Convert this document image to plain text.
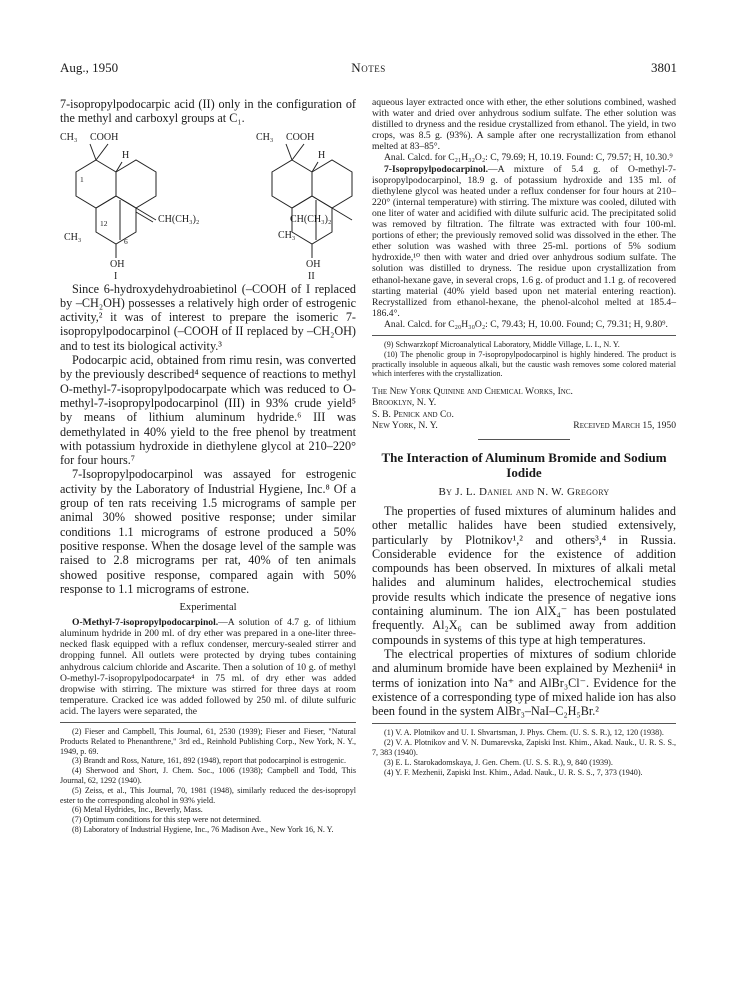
Aug., 1950	Notes	3801

7-isopropylpodocarpic acid (II) only in the configuration of the methyl and carboxyl groups at C₁.

CH₃ COOH
H
1
12
CH₃	6
CH(CH₃)₂
OH
I
CH₃ COOH
H
CH₃
CH(CH₃)₂
OH
II

Since 6-hydroxydehydroabietinol (–COOH of I replaced by –CH₂OH) possesses a relatively high order of estrogenic activity,² it was of interest to prepare the isomeric 7-isopropylpodocarpinol (–COOH of II replaced by –CH₂OH) and to test its biological activity.³

Podocarpic acid, obtained from rimu resin, was converted by the previously described⁴ sequence of reactions to methyl O-methyl-7-isopropylpodocarpate which was reduced to O-methyl-7-isopropylpodocarpinol (III) in 93% crude yield⁵ by means of lithium aluminum hydride.⁶ III was demethylated in 40% yield to the free phenol by treatment with potassium hydroxide in diethylene glycol at 210–220° for four hours.⁷

7-Isopropylpodocarpinol was assayed for estrogenic activity by the Laboratory of Industrial Hygiene, Inc.⁸ Of a group of ten rats receiving 1.5 micrograms of sample per animal 30% showed positive response; under similar conditions 1.1 micrograms of estrone produced a 50% positive response. When the dosage level of the sample was raised to 2.8 micrograms per rat, 40% of ten animals showed positive response, compared again with 50% response to 1.1 micrograms of estrone.

Experimental

O-Methyl-7-isopropylpodocarpinol.—A solution of 4.7 g. of lithium aluminum hydride in 200 ml. of dry ether was prepared in a one-liter three-necked flask equipped with a reflux condenser, mercury-sealed stirrer and dropping funnel. All outlets were protected by drying tubes containing anhydrous calcium chloride and Ascarite. Then a solution of 10 g. of methyl O-methyl-7-isopropylpodocarpate⁴ in 75 ml. of dry ether was added dropwise with stirring. The mixture was stirred for three days at room temperature. Cracked ice was added followed by 250 ml. of dilute sulfuric acid. The layers were separated, the

(2) Fieser and Campbell, This Journal, 61, 2530 (1939); Fieser and Fieser, "Natural Products Related to Phenanthrene," 3rd ed., Reinhold Publishing Corp., New York, N. Y., 1949, p. 69.

(3) Brandt and Ross, Nature, 161, 892 (1948), report that podocarpinol is estrogenic.

(4) Sherwood and Short, J. Chem. Soc., 1006 (1938); Campbell and Todd, This Journal, 62, 1292 (1940).

(5) Zeiss, et al., This Journal, 70, 1981 (1948), similarly reduced the des-isopropyl ester to the corresponding alcohol in 93% yield.

(6) Metal Hydrides, Inc., Beverly, Mass.

(7) Optimum conditions for this step were not determined.

(8) Laboratory of Industrial Hygiene, Inc., 76 Madison Ave., New York 16, N. Y.

aqueous layer extracted once with ether, the ether solutions combined, washed with water and dried over anhydrous sodium sulfate. The ether solution was distilled to dryness and the residue crystallized from ethanol. The yield, in two crops, was 8.5 g. (93%). A sample after one recrystallization from ethanol melted at 83–85°.

Anal. Calcd. for C₂₁H₃₂O₂: C, 79.69; H, 10.19. Found: C, 79.57; H, 10.30.⁹

7-Isopropylpodocarpinol.—A mixture of 5.4 g. of O-methyl-7-isopropylpodocarpinol, 18.9 g. of potassium hydroxide and 135 ml. of diethylene glycol was heated under a reflux condenser for four hours at 210–220° (internal temperature) with stirring. The mixture was cooled, diluted with one liter of water and acidified with dilute sulfuric acid. The precipitated solid was removed by filtration. The filtrate was extracted with four 100-ml. portions of ether; the previously removed solid was dissolved in the ether. The ether solution was washed with three 25-ml. portions of 5% sodium hydroxide,¹⁰ then with water and dried over anhydrous sodium sulfate. The solution was distilled to dryness. The residue upon crystallization from ethanol-hexane gave, in several crops, 1.6 g. of product and 1.1 g. of recovered starting material (40% yield based upon net material entering reaction). Recrystallized from ethanol-hexane, the phenol-alcohol melted at 185.4–186.4°.

Anal. Calcd. for C₂₀H₃₀O₂: C, 79.43; H, 10.00. Found; C, 79.31; H, 9.80⁹.

(9) Schwarzkopf Microanalytical Laboratory, Middle Village, L. I., N. Y.

(10) The phenolic group in 7-isopropylpodocarpinol is highly hindered. The product is practically insoluble in aqueous alkali, but the caustic wash removes some colored material which interferes with the crystallization.

The New York Quinine and Chemical Works, Inc.

Brooklyn, N. Y.

S. B. Penick and Co.

New York, N. Y.	Received March 15, 1950

The Interaction of Aluminum Bromide and Sodium Iodide

By J. L. Daniel and N. W. Gregory

The properties of fused mixtures of aluminum halides and other metallic halides have been studied extensively, particularly by Plotnikov¹,² and others³,⁴ in Russia. Considerable evidence for the existence of addition compounds has been observed. In mixtures of alkali metal halides and aluminum halides, electrochemical studies provide results which indicate the presence of negative ions containing aluminum. The ion AlX₄⁻ has been postulated frequently. Al₂X₆ can be sublimed away from addition compounds in systems of this type at high temperatures.

The electrical properties of mixtures of sodium chloride and aluminum bromide have been explained by Mezhenii⁴ in terms of ionization into Na⁺ and AlBr₃Cl⁻. Evidence for the existence of a corresponding type of mixed halide ion has also been found in the system AlBr₃–NaI–C₂H₅Br.²

(1) V. A. Plotnikov and U. I. Shvartsman, J. Phys. Chem. (U. S. S. R.), 12, 120 (1938).

(2) V. A. Plotnikov and V. N. Dumarevska, Zapiski Inst. Khim., Akad. Nauk., U. R. S. S., 7, 383 (1940).

(3) E. L. Starokadomskaya, J. Gen. Chem. (U. S. S. R.), 9, 840 (1939).

(4) Y. F. Mezhenii, Zapiski Inst. Khim., Adad. Nauk., U. R. S. S., 7, 373 (1940).
